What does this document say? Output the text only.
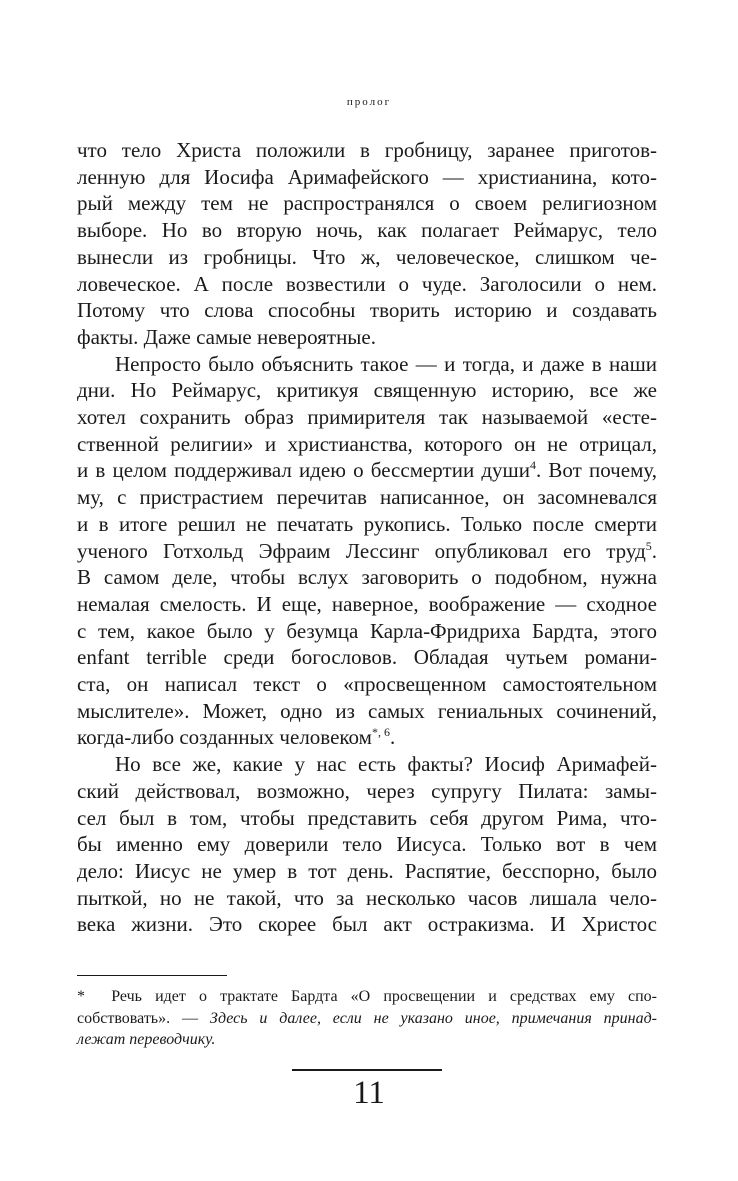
пролог
что тело Христа положили в гробницу, заранее приготов-
ленную для Иосифа Аримафейского — христианина, кото-
рый между тем не распространялся о своем религиозном
выборе. Но во вторую ночь, как полагает Реймарус, тело
вынесли из гробницы. Что ж, человеческое, слишком че-
ловеческое. А после возвестили о чуде. Заголосили о нем.
Потому что слова способны творить историю и создавать
факты. Даже самые невероятные.
Непросто было объяснить такое — и тогда, и даже в наши
дни. Но Реймарус, критикуя священную историю, все же
хотел сохранить образ примирителя так называемой «есте-
ственной религии» и христианства, которого он не отрицал,
и в целом поддерживал идею о бессмертии души$^4$. Вот почему,
му, с пристрастием перечитав написанное, он засомневался
и в итоге решил не печатать рукопись. Только после смерти
ученого Готхольд Эфраим Лессинг опубликовал его труд$^5$.
В самом деле, чтобы вслух заговорить о подобном, нужна
немалая смелость. И еще, наверное, воображение — сходное
с тем, какое было у безумца Карла-Фридриха Бардта, этого
enfant terrible среди богословов. Обладая чутьем романи-
ста, он написал текст о «просвещенном самостоятельном
мыслителе». Может, одно из самых гениальных сочинений,
когда-либо созданных человеком$^{*, 6}$.
Но все же, какие у нас есть факты? Иосиф Аримафей-
ский действовал, возможно, через супругу Пилата: замы-
сел был в том, чтобы представить себя другом Рима, что-
бы именно ему доверили тело Иисуса. Только вот в чем
дело: Иисус не умер в тот день. Распятие, бесспорно, было
пыткой, но не такой, что за несколько часов лишала чело-
века жизни. Это скорее был акт остракизма. И Христос
* Речь идет о трактате Бардта «О просвещении и средствах ему спо-
собствовать». — Здесь и далее, если не указано иное, примечания принад-
лежат переводчику.
11
